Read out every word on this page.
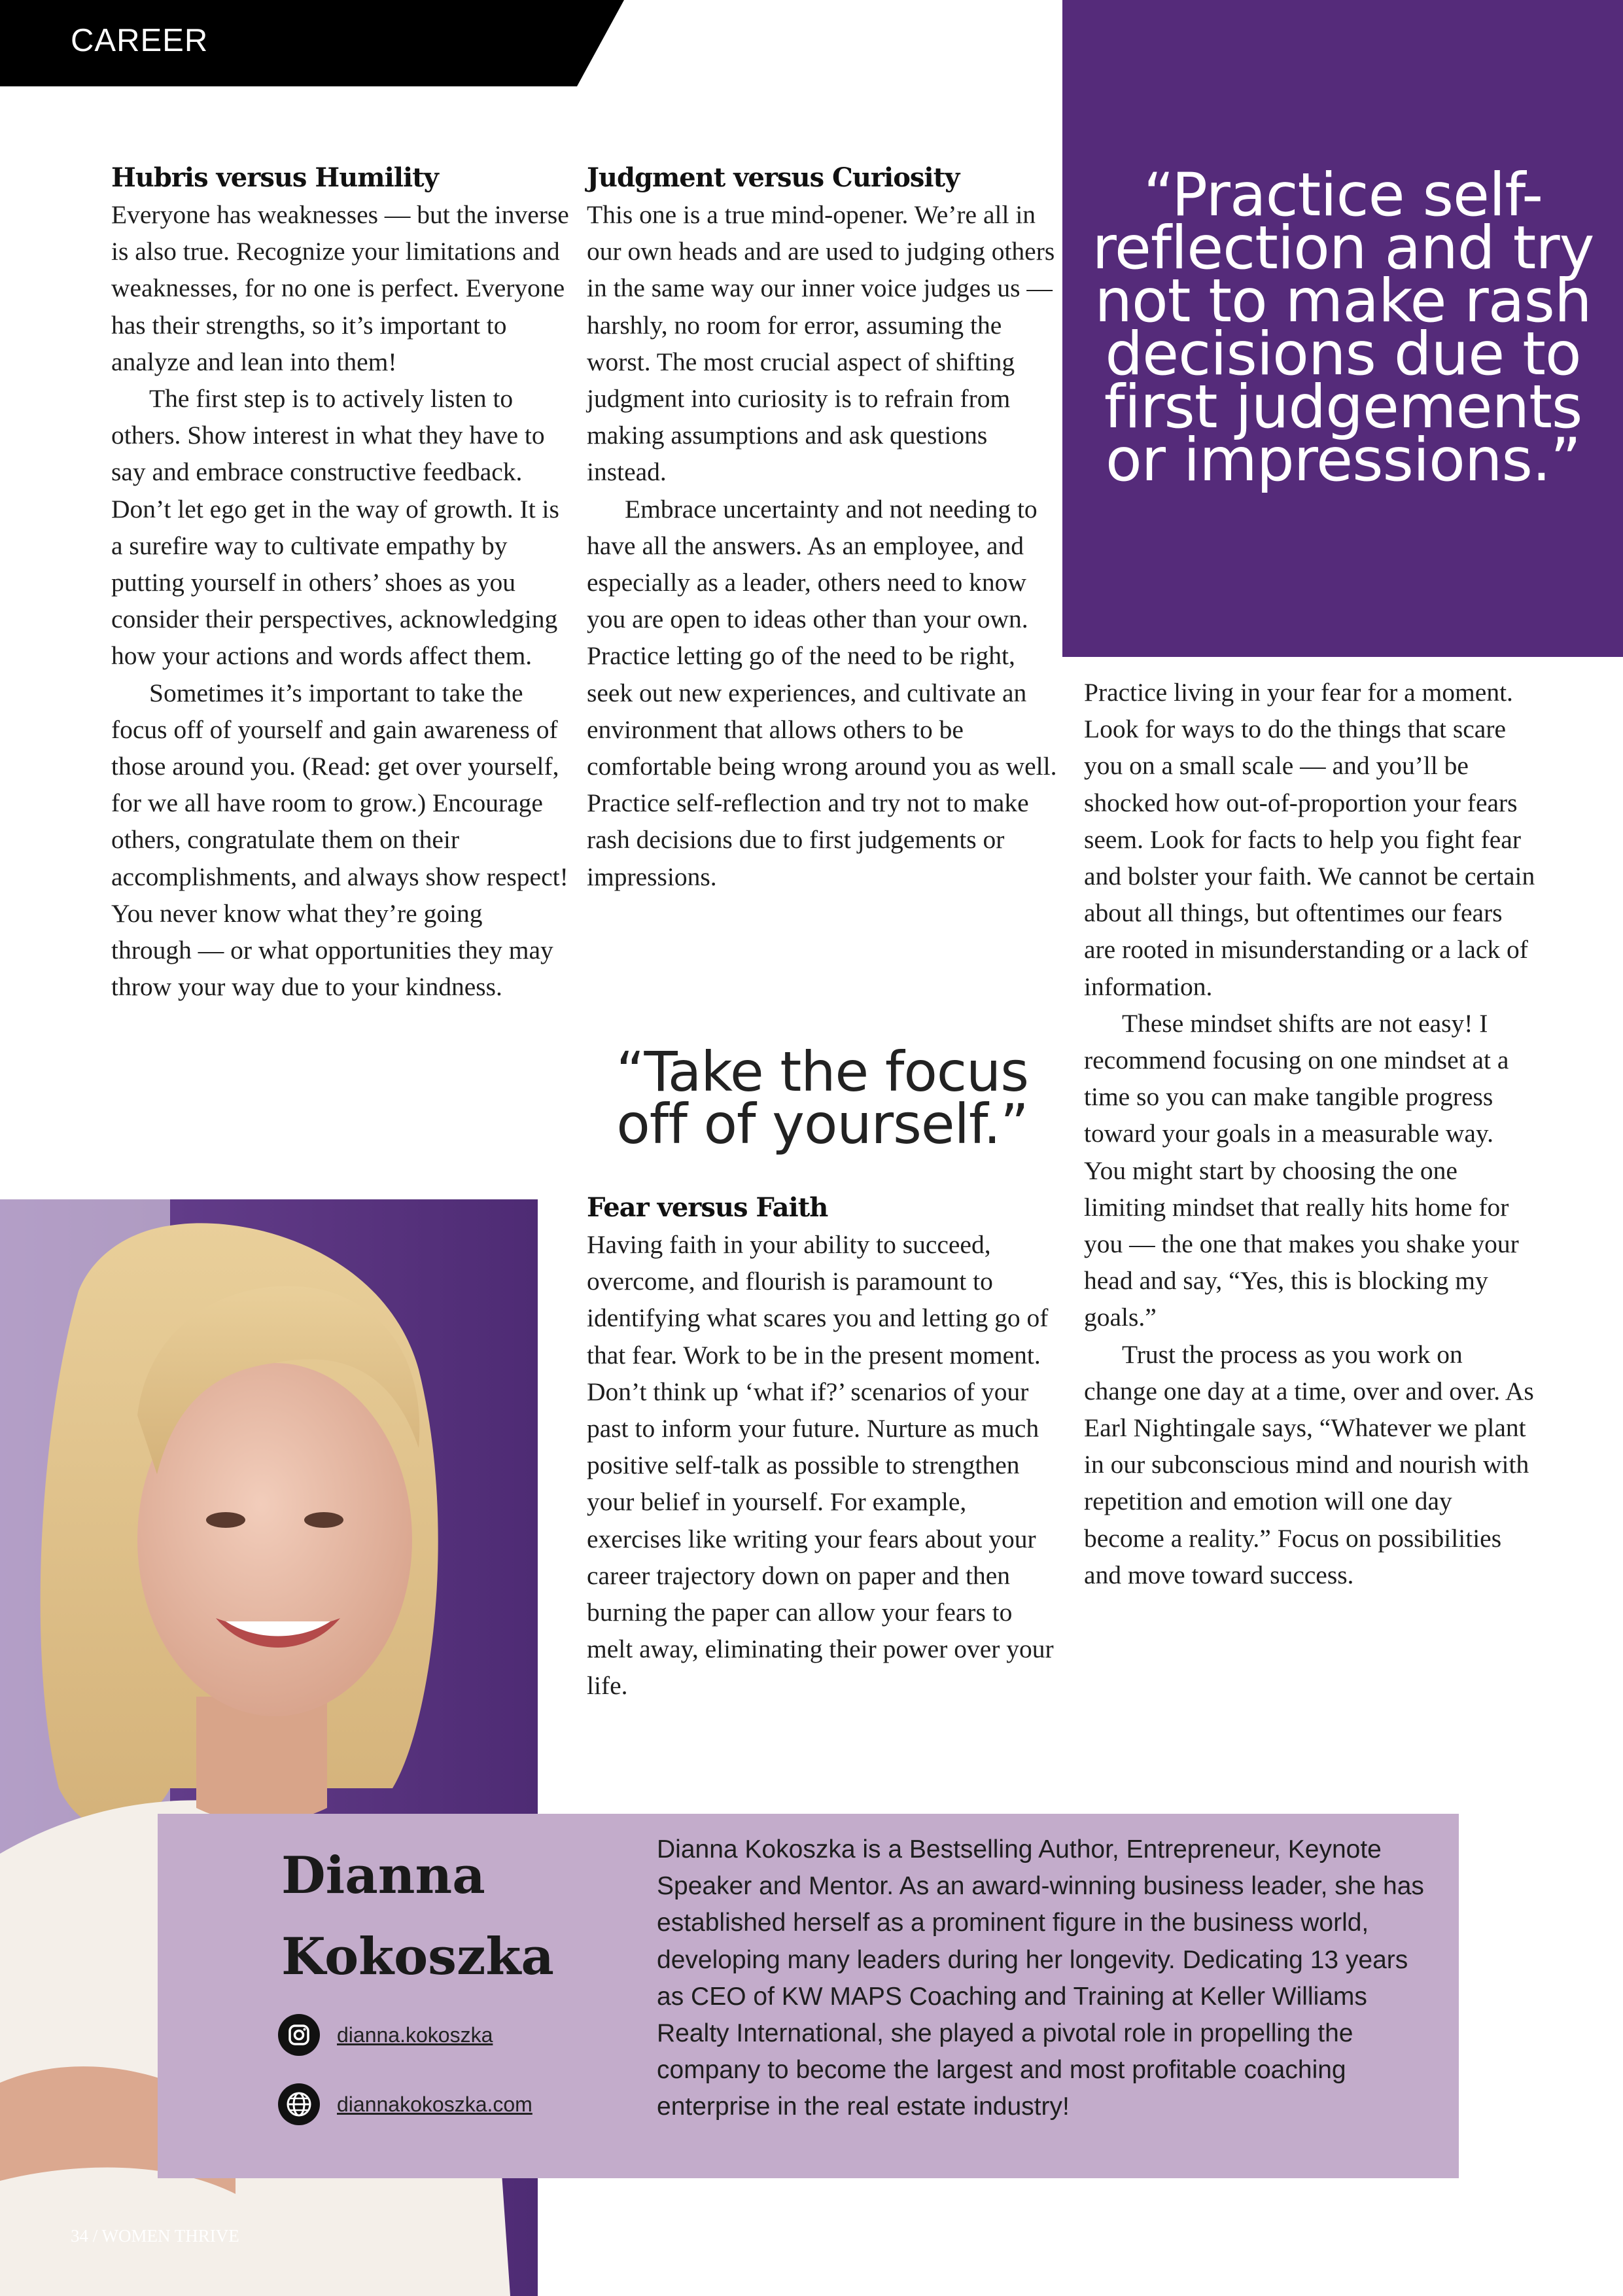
CAREER
Hubris versus Humility

Everyone has weaknesses — but the inverse is also true. Recognize your limitations and weaknesses, for no one is perfect. Everyone has their strengths, so it’s important to analyze and lean into them!

The first step is to actively listen to others. Show interest in what they have to say and embrace constructive feedback. Don’t let ego get in the way of growth. It is a surefire way to cultivate empathy by putting yourself in others’ shoes as you consider their perspectives, acknowledging how your actions and words affect them.

Sometimes it’s important to take the focus off of yourself and gain awareness of those around you. (Read: get over yourself, for we all have room to grow.) Encourage others, congratulate them on their accomplishments, and always show respect! You never know what they’re going through — or what opportunities they may throw your way due to your kindness.

Judgment versus Curiosity

This one is a true mind-opener. We’re all in our own heads and are used to judging others in the same way our inner voice judges us — harshly, no room for error, assuming the worst. The most crucial aspect of shifting judgment into curiosity is to refrain from making assumptions and ask questions instead.

Embrace uncertainty and not needing to have all the answers. As an employee, and especially as a leader, others need to know you are open to ideas other than your own. Practice letting go of the need to be right, seek out new experiences, and cultivate an environment that allows others to be comfortable being wrong around you as well. Practice self-reflection and try not to make rash decisions due to first judgements or impressions.

“Take the focus off of yourself.”
Fear versus Faith

Having faith in your ability to succeed, overcome, and flourish is paramount to identifying what scares you and letting go of that fear. Work to be in the present moment. Don’t think up ‘what if?’ scenarios of your past to inform your future. Nurture as much positive self-talk as possible to strengthen your belief in yourself. For example, exercises like writing your fears about your career trajectory down on paper and then burning the paper can allow your fears to melt away, eliminating their power over your life.

“Practice self-reflection and try not to make rash decisions due to first judgements or impressions.”

Practice living in your fear for a moment. Look for ways to do the things that scare you on a small scale — and you’ll be shocked how out-of-proportion your fears seem. Look for facts to help you fight fear and bolster your faith. We cannot be certain about all things, but oftentimes our fears are rooted in misunderstanding or a lack of information.

These mindset shifts are not easy! I recommend focusing on one mindset at a time so you can make tangible progress toward your goals in a measurable way. You might start by choosing the one limiting mindset that really hits home for you — the one that makes you shake your head and say, “Yes, this is blocking my goals.”

Trust the process as you work on change one day at a time, over and over. As Earl Nightingale says, “Whatever we plant in our subconscious mind and nourish with repetition and emotion will one day become a reality.” Focus on possibilities and move toward success.

Dianna
Kokoszka
dianna.kokoszka
diannakokoszka.com
Dianna Kokoszka is a Bestselling Author, Entrepreneur, Keynote Speaker and Mentor. As an award-winning business leader, she has established herself as a prominent figure in the business world, developing many leaders during her longevity. Dedicating 13 years as CEO of KW MAPS Coaching and Training at Keller Williams Realty International, she played a pivotal role in propelling the company to become the largest and most profitable coaching enterprise in the real estate industry!
34 / WOMEN THRIVE
